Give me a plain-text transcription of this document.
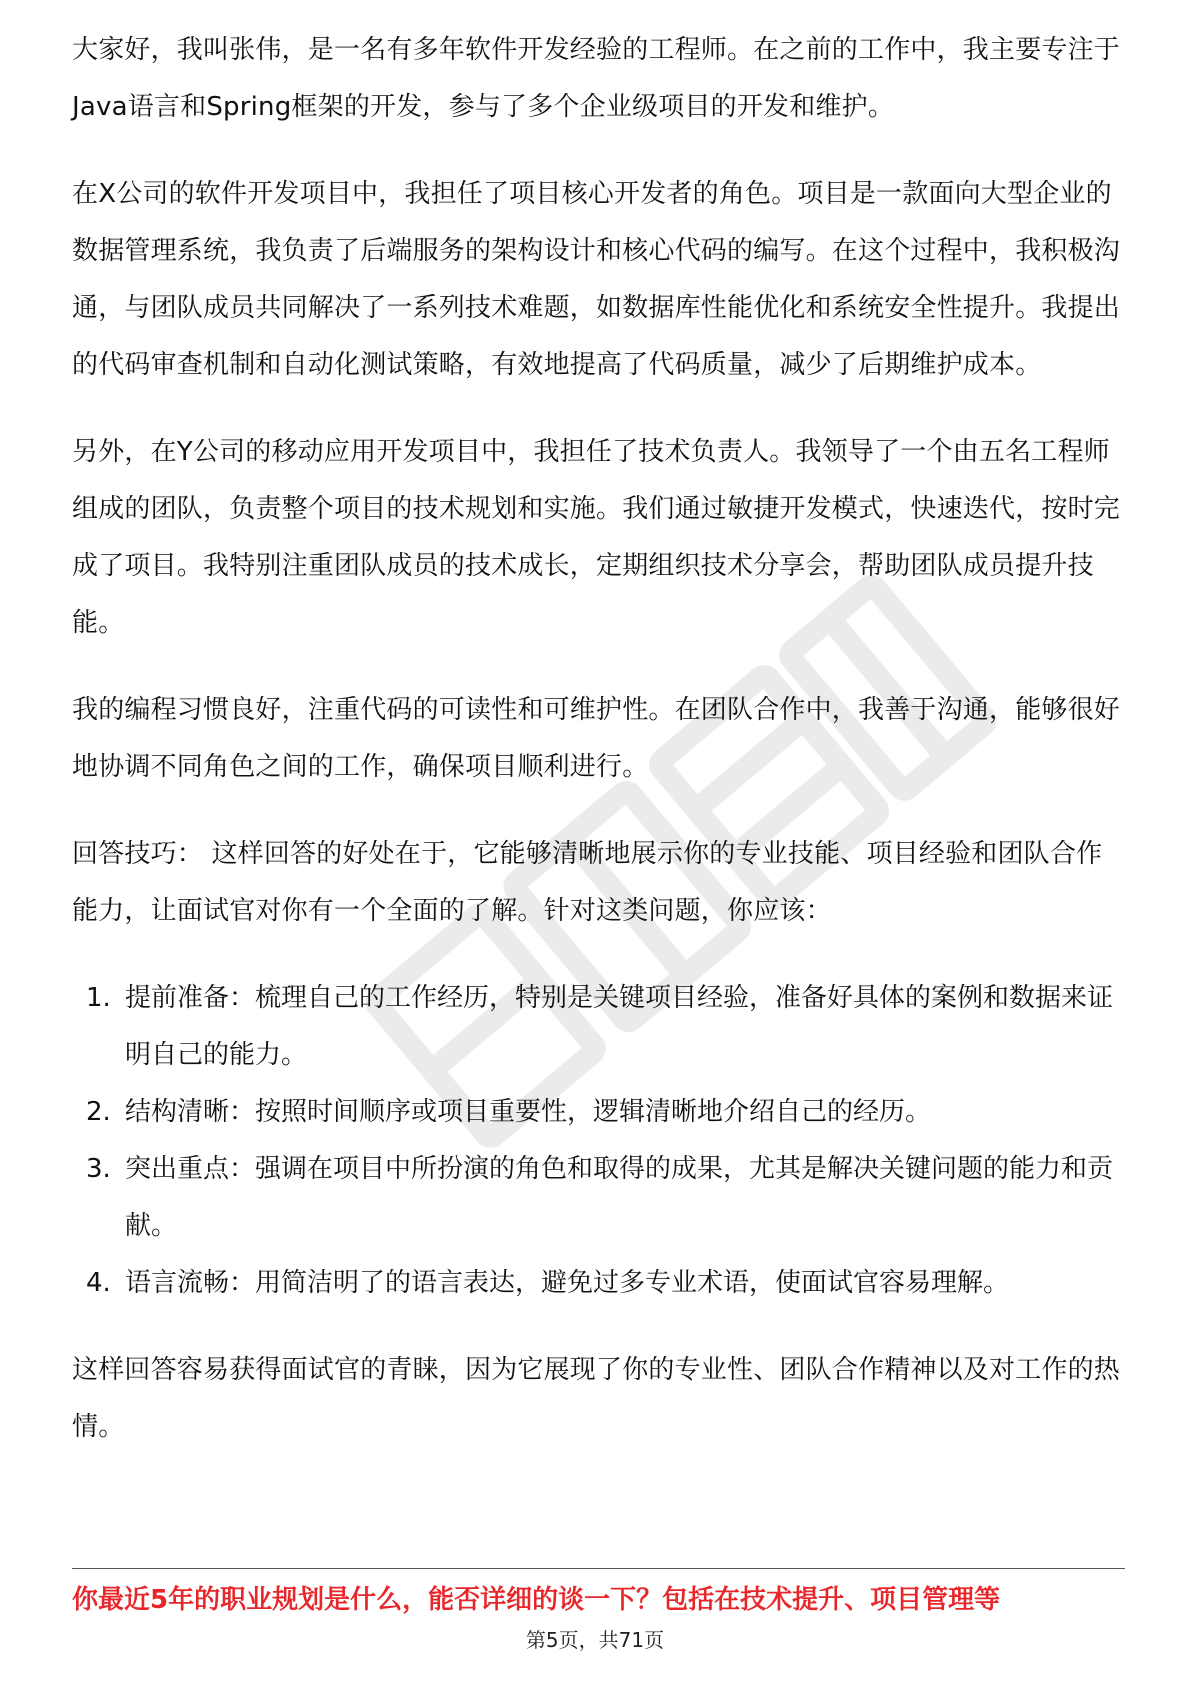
大家好，我叫张伟，是一名有多年软件开发经验的工程师。在之前的工作中，我主要专注于Java语言和Spring框架的开发，参与了多个企业级项目的开发和维护。

在X公司的软件开发项目中，我担任了项目核心开发者的角色。项目是一款面向大型企业的数据管理系统，我负责了后端服务的架构设计和核心代码的编写。在这个过程中，我积极沟通，与团队成员共同解决了一系列技术难题，如数据库性能优化和系统安全性提升。我提出的代码审查机制和自动化测试策略，有效地提高了代码质量，减少了后期维护成本。

另外，在Y公司的移动应用开发项目中，我担任了技术负责人。我领导了一个由五名工程师组成的团队，负责整个项目的技术规划和实施。我们通过敏捷开发模式，快速迭代，按时完成了项目。我特别注重团队成员的技术成长，定期组织技术分享会，帮助团队成员提升技能。

我的编程习惯良好，注重代码的可读性和可维护性。在团队合作中，我善于沟通，能够很好地协调不同角色之间的工作，确保项目顺利进行。

回答技巧： 这样回答的好处在于，它能够清晰地展示你的专业技能、项目经验和团队合作能力，让面试官对你有一个全面的了解。针对这类问题，你应该：

1. 提前准备：梳理自己的工作经历，特别是关键项目经验，准备好具体的案例和数据来证明自己的能力。
2. 结构清晰：按照时间顺序或项目重要性，逻辑清晰地介绍自己的经历。
3. 突出重点：强调在项目中所扮演的角色和取得的成果，尤其是解决关键问题的能力和贡献。
4. 语言流畅：用简洁明了的语言表达，避免过多专业术语，使面试官容易理解。

这样回答容易获得面试官的青睐，因为它展现了你的专业性、团队合作精神以及对工作的热情。

你最近5年的职业规划是什么，能否详细的谈一下？包括在技术提升、项目管理等
第5页，共71页
